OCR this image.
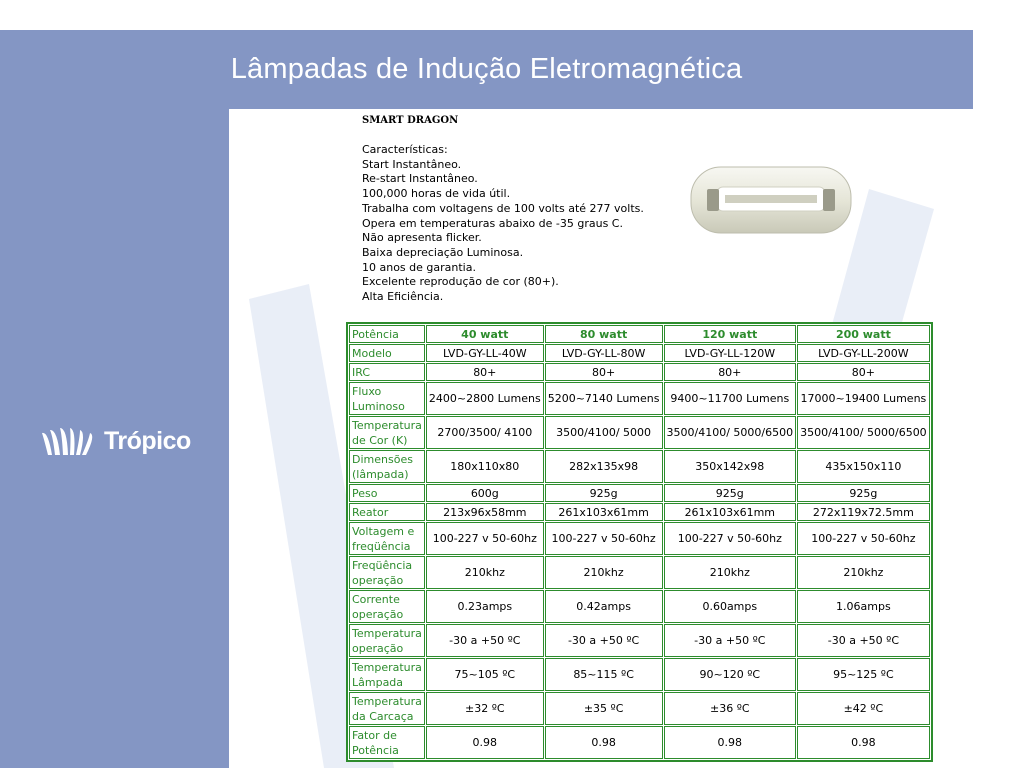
Lâmpadas de Indução Eletromagnética
Trópico
SMART DRAGON
Características:
Start Instantâneo.
Re-start Instantâneo.
100,000 horas de vida útil.
Trabalha com voltagens de 100 volts até 277 volts.
Opera em temperaturas abaixo de -35 graus C.
Não apresenta flicker.
Baixa depreciação Luminosa.
10 anos de garantia.
Excelente reprodução de cor (80+).
Alta Eficiência.
Potência	40 watt	80 watt	120 watt	200 watt
Modelo	LVD-GY-LL-40W	LVD-GY-LL-80W	LVD-GY-LL-120W	LVD-GY-LL-200W
IRC	80+	80+	80+	80+
Fluxo Luminoso	2400~2800 Lumens	5200~7140 Lumens	9400~11700 Lumens	17000~19400 Lumens
Temperatura de Cor (K)	2700/3500/ 4100	3500/4100/ 5000	3500/4100/ 5000/6500	3500/4100/ 5000/6500
Dimensões (lâmpada)	180x110x80	282x135x98	350x142x98	435x150x110
Peso	600g	925g	925g	925g
Reator	213x96x58mm	261x103x61mm	261x103x61mm	272x119x72.5mm
Voltagem e freqüência	100-227 v 50-60hz	100-227 v 50-60hz	100-227 v 50-60hz	100-227 v 50-60hz
Freqüência operação	210khz	210khz	210khz	210khz
Corrente operação	0.23amps	0.42amps	0.60amps	1.06amps
Temperatura operação	-30 a +50 ºC	-30 a +50 ºC	-30 a +50 ºC	-30 a +50 ºC
Temperatura Lâmpada	75~105 ºC	85~115 ºC	90~120 ºC	95~125 ºC
Temperatura da Carcaça	±32 ºC	±35 ºC	±36 ºC	±42 ºC
Fator de Potência	0.98	0.98	0.98	0.98
